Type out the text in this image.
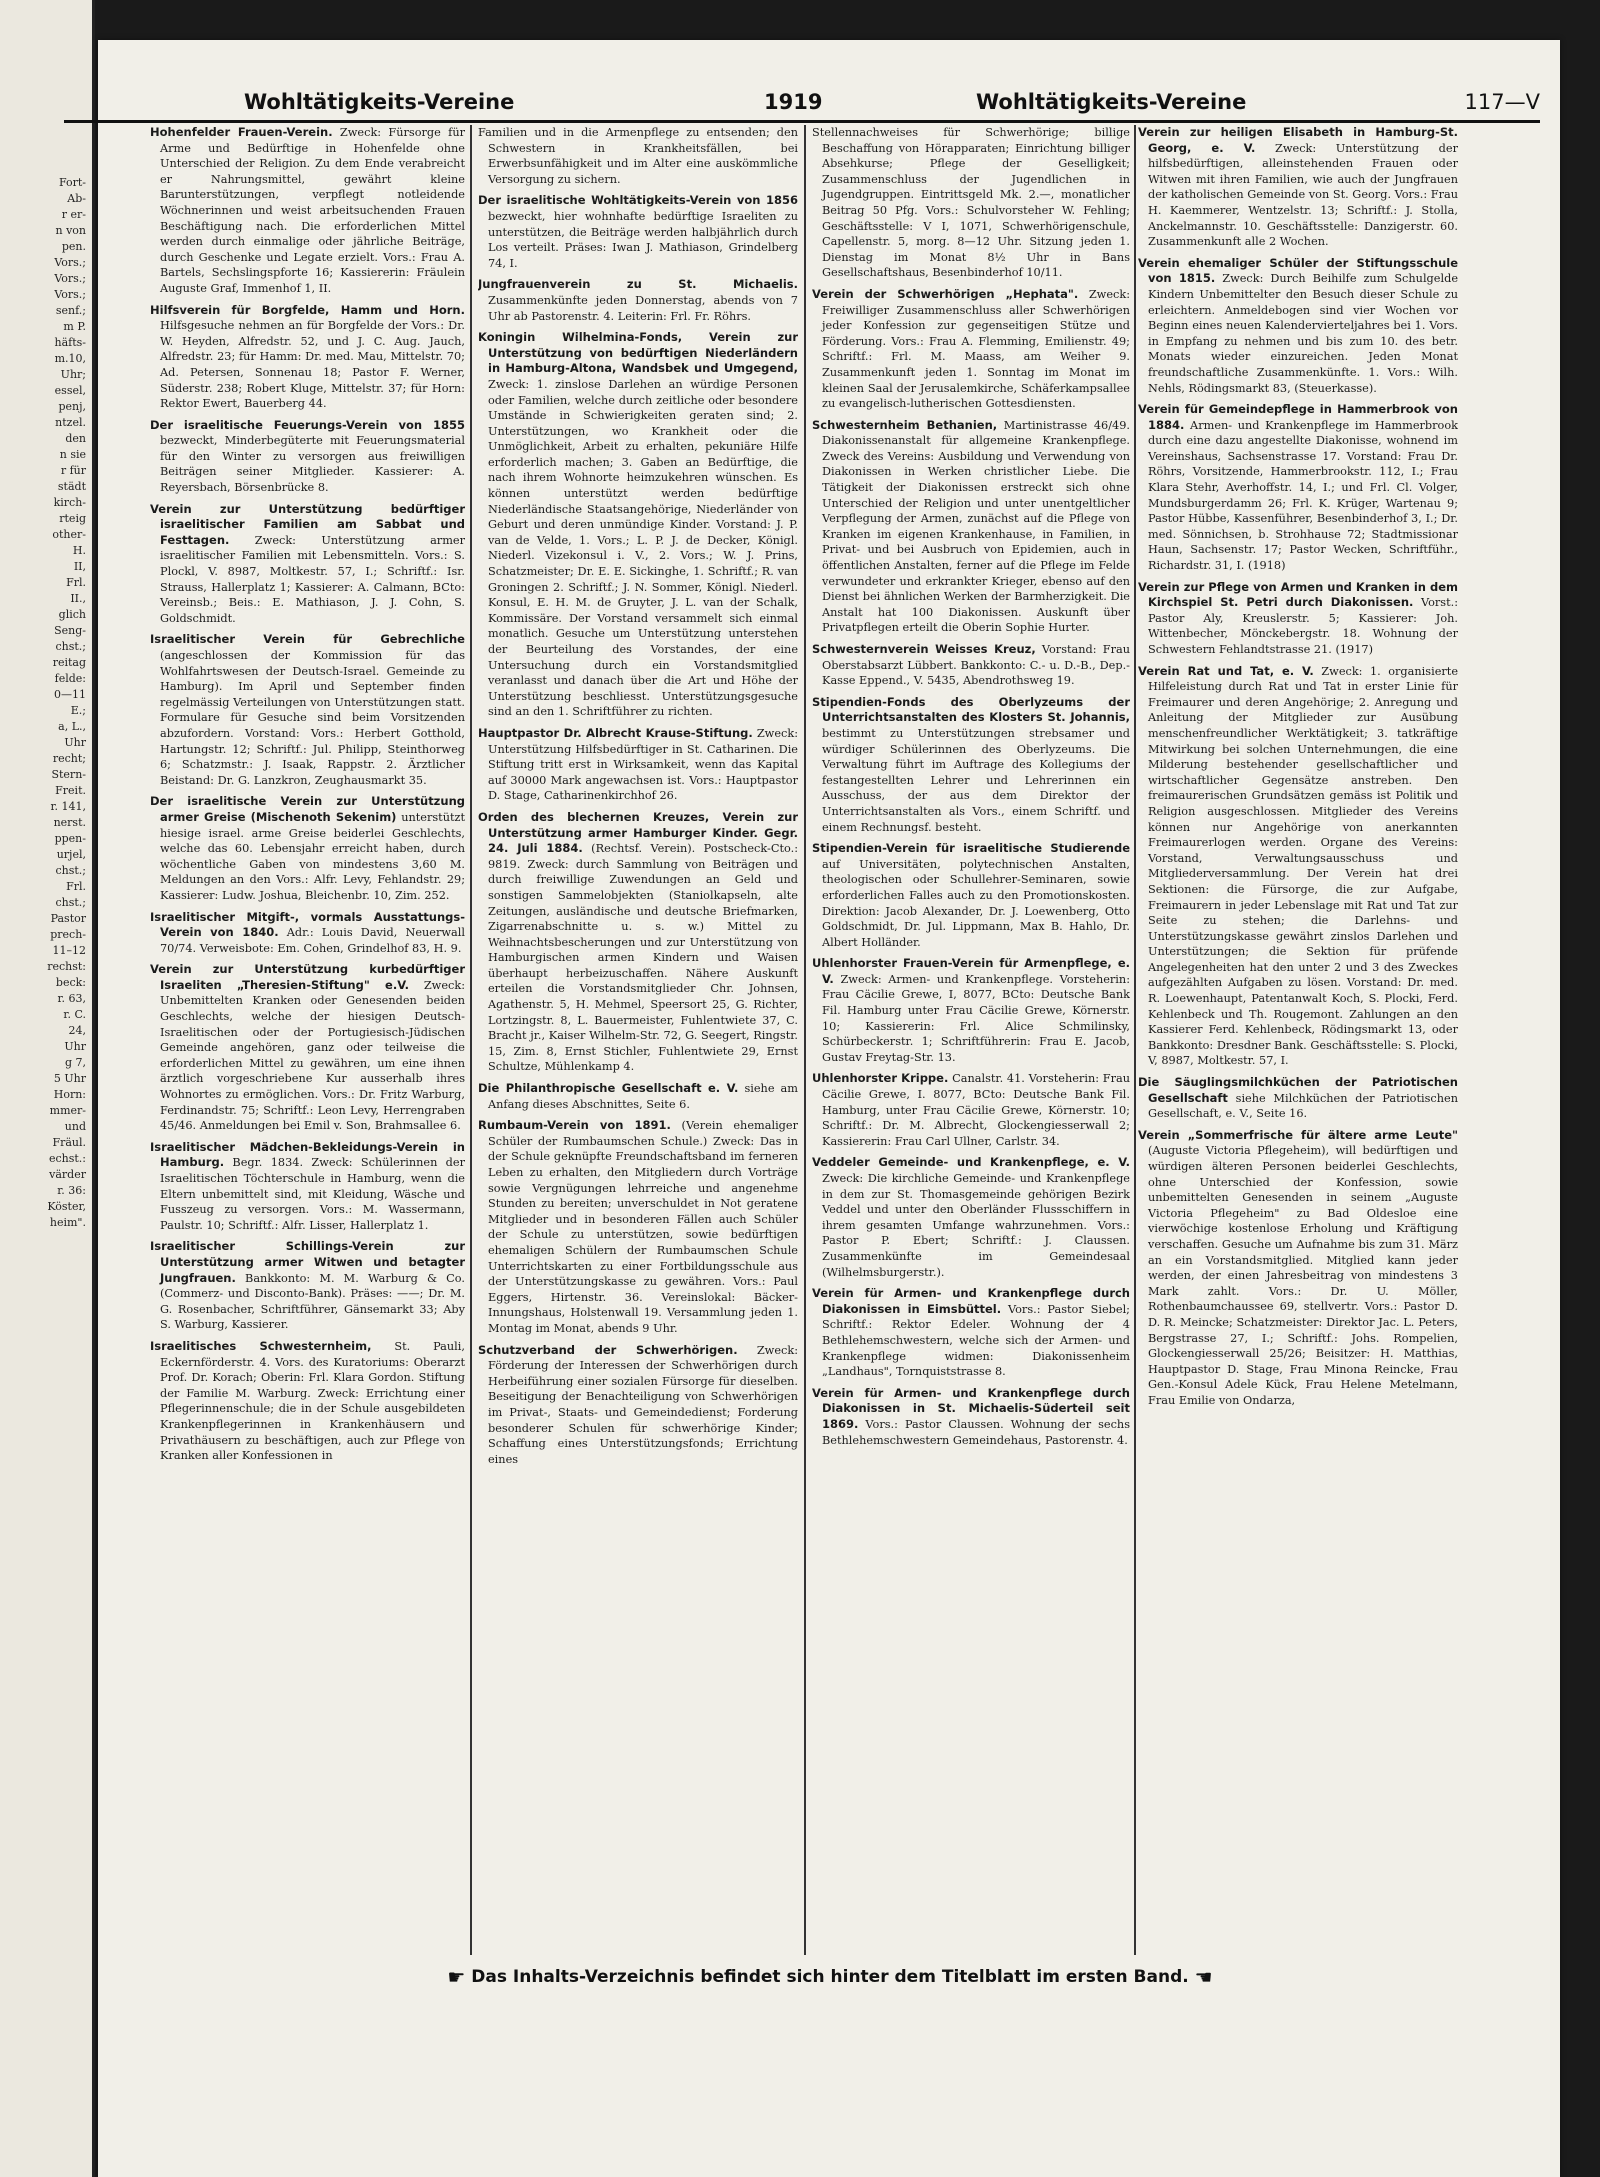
Fort-
Ab-
r er-
n von
pen.
Vors.;
Vors.;
Vors.;
senf.;
m P.
häfts-
m.10,
Uhr;
essel,
penj,
ntzel.
den
n sie
r für
städt
kirch-
rteig
other-
H.
II,
Frl.
II.,
glich
Seng-
chst.;
reitag
felde:
0—11
E.;
a, L.,
Uhr
recht;
Stern-
Freit.
r. 141,
nerst.
ppen-
urjel,
chst.;
Frl.
chst.;
Pastor
prech-
11–12
rechst:
beck:
r. 63,
r. C.
24,
Uhr
g 7,
5 Uhr
Horn:
mmer-
und
Fräul.
echst.:
värder
r. 36:
Köster,
heim".
Wohltätigkeits-Vereine	1919	Wohltätigkeits-Vereine	117—V

Hohenfelder Frauen-Verein. Zweck: Fürsorge für Arme und Bedürftige in Hohenfelde ohne Unterschied der Religion. Zu dem Ende verabreicht er Nahrungsmittel, gewährt kleine Barunterstützungen, verpflegt notleidende Wöchnerinnen und weist arbeitsuchenden Frauen Beschäftigung nach. Die erforderlichen Mittel werden durch einmalige oder jährliche Beiträge, durch Geschenke und Legate erzielt. Vors.: Frau A. Bartels, Sechslingspforte 16; Kassiererin: Fräulein Auguste Graf, Immenhof 1, II.

Hilfsverein für Borgfelde, Hamm und Horn. Hilfsgesuche nehmen an für Borgfelde der Vors.: Dr. W. Heyden, Alfredstr. 52, und J. C. Aug. Jauch, Alfredstr. 23; für Hamm: Dr. med. Mau, Mittelstr. 70; Ad. Petersen, Sonnenau 18; Pastor F. Werner, Süderstr. 238; Robert Kluge, Mittelstr. 37; für Horn: Rektor Ewert, Bauerberg 44.

Der israelitische Feuerungs-Verein von 1855 bezweckt, Minderbegüterte mit Feuerungsmaterial für den Winter zu versorgen aus freiwilligen Beiträgen seiner Mitglieder. Kassierer: A. Reyersbach, Börsenbrücke 8.

Verein zur Unterstützung bedürftiger israelitischer Familien am Sabbat und Festtagen. Zweck: Unterstützung armer israelitischer Familien mit Lebensmitteln. Vors.: S. Plockl, V. 8987, Moltkestr. 57, I.; Schriftf.: Isr. Strauss, Hallerplatz 1; Kassierer: A. Calmann, BCto: Vereinsb.; Beis.: E. Mathiason, J. J. Cohn, S. Goldschmidt.

Israelitischer Verein für Gebrechliche (angeschlossen der Kommission für das Wohlfahrtswesen der Deutsch-Israel. Gemeinde zu Hamburg). Im April und September finden regelmässig Verteilungen von Unterstützungen statt. Formulare für Gesuche sind beim Vorsitzenden abzufordern. Vorstand: Vors.: Herbert Gotthold, Hartungstr. 12; Schriftf.: Jul. Philipp, Steinthorweg 6; Schatzmstr.: J. Isaak, Rappstr. 2. Ärztlicher Beistand: Dr. G. Lanzkron, Zeughausmarkt 35.

Der israelitische Verein zur Unterstützung armer Greise (Mischenoth Sekenim) unterstützt hiesige israel. arme Greise beiderlei Geschlechts, welche das 60. Lebensjahr erreicht haben, durch wöchentliche Gaben von mindestens 3,60 M. Meldungen an den Vors.: Alfr. Levy, Fehlandstr. 29; Kassierer: Ludw. Joshua, Bleichenbr. 10, Zim. 252.

Israelitischer Mitgift-, vormals Ausstattungs-Verein von 1840. Adr.: Louis David, Neuerwall 70/74. Verweisbote: Em. Cohen, Grindelhof 83, H. 9.

Verein zur Unterstützung kurbedürftiger Israeliten „Theresien-Stiftung" e.V. Zweck: Unbemittelten Kranken oder Genesenden beiden Geschlechts, welche der hiesigen Deutsch-Israelitischen oder der Portugiesisch-Jüdischen Gemeinde angehören, ganz oder teilweise die erforderlichen Mittel zu gewähren, um eine ihnen ärztlich vorgeschriebene Kur ausserhalb ihres Wohnortes zu ermöglichen. Vors.: Dr. Fritz Warburg, Ferdinandstr. 75; Schriftf.: Leon Levy, Herrengraben 45/46. Anmeldungen bei Emil v. Son, Brahmsallee 6.

Israelitischer Mädchen-Bekleidungs-Verein in Hamburg. Begr. 1834. Zweck: Schülerinnen der Israelitischen Töchterschule in Hamburg, wenn die Eltern unbemittelt sind, mit Kleidung, Wäsche und Fusszeug zu versorgen. Vors.: M. Wassermann, Paulstr. 10; Schriftf.: Alfr. Lisser, Hallerplatz 1.

Israelitischer Schillings-Verein zur Unterstützung armer Witwen und betagter Jungfrauen. Bankkonto: M. M. Warburg & Co. (Commerz- und Disconto-Bank). Präses: ——; Dr. M. G. Rosenbacher, Schriftführer, Gänsemarkt 33; Aby S. Warburg, Kassierer.

Israelitisches Schwesternheim, St. Pauli, Eckernförderstr. 4. Vors. des Kuratoriums: Oberarzt Prof. Dr. Korach; Oberin: Frl. Klara Gordon. Stiftung der Familie M. Warburg. Zweck: Errichtung einer Pflegerinnenschule; die in der Schule ausgebildeten Krankenpflegerinnen in Krankenhäusern und Privathäusern zu beschäftigen, auch zur Pflege von Kranken aller Konfessionen in

Familien und in die Armenpflege zu entsenden; den Schwestern in Krankheitsfällen, bei Erwerbsunfähigkeit und im Alter eine auskömmliche Versorgung zu sichern.

Der israelitische Wohltätigkeits-Verein von 1856 bezweckt, hier wohnhafte bedürftige Israeliten zu unterstützen, die Beiträge werden halbjährlich durch Los verteilt. Präses: Iwan J. Mathiason, Grindelberg 74, I.

Jungfrauenverein zu St. Michaelis. Zusammenkünfte jeden Donnerstag, abends von 7 Uhr ab Pastorenstr. 4. Leiterin: Frl. Fr. Röhrs.

Koningin Wilhelmina-Fonds, Verein zur Unterstützung von bedürftigen Niederländern in Hamburg-Altona, Wandsbek und Umgegend, Zweck: 1. zinslose Darlehen an würdige Personen oder Familien, welche durch zeitliche oder besondere Umstände in Schwierigkeiten geraten sind; 2. Unterstützungen, wo Krankheit oder die Unmöglichkeit, Arbeit zu erhalten, pekuniäre Hilfe erforderlich machen; 3. Gaben an Bedürftige, die nach ihrem Wohnorte heimzukehren wünschen. Es können unterstützt werden bedürftige Niederländische Staatsangehörige, Niederländer von Geburt und deren unmündige Kinder. Vorstand: J. P. van de Velde, 1. Vors.; L. P. J. de Decker, Königl. Niederl. Vizekonsul i. V., 2. Vors.; W. J. Prins, Schatzmeister; Dr. E. E. Sickinghe, 1. Schriftf.; R. van Groningen 2. Schriftf.; J. N. Sommer, Königl. Niederl. Konsul, E. H. M. de Gruyter, J. L. van der Schalk, Kommissäre. Der Vorstand versammelt sich einmal monatlich. Gesuche um Unterstützung unterstehen der Beurteilung des Vorstandes, der eine Untersuchung durch ein Vorstandsmitglied veranlasst und danach über die Art und Höhe der Unterstützung beschliesst. Unterstützungsgesuche sind an den 1. Schriftführer zu richten.

Hauptpastor Dr. Albrecht Krause-Stiftung. Zweck: Unterstützung Hilfsbedürftiger in St. Catharinen. Die Stiftung tritt erst in Wirksamkeit, wenn das Kapital auf 30000 Mark angewachsen ist. Vors.: Hauptpastor D. Stage, Catharinenkirchhof 26.

Orden des blechernen Kreuzes, Verein zur Unterstützung armer Hamburger Kinder. Gegr. 24. Juli 1884. (Rechtsf. Verein). Postscheck-Cto.: 9819. Zweck: durch Sammlung von Beiträgen und durch freiwillige Zuwendungen an Geld und sonstigen Sammelobjekten (Staniolkapseln, alte Zeitungen, ausländische und deutsche Briefmarken, Zigarrenabschnitte u. s. w.) Mittel zu Weihnachtsbescherungen und zur Unterstützung von Hamburgischen armen Kindern und Waisen überhaupt herbeizuschaffen. Nähere Auskunft erteilen die Vorstandsmitglieder Chr. Johnsen, Agathenstr. 5, H. Mehmel, Speersort 25, G. Richter, Lortzingstr. 8, L. Bauermeister, Fuhlentwiete 37, C. Bracht jr., Kaiser Wilhelm-Str. 72, G. Seegert, Ringstr. 15, Zim. 8, Ernst Stichler, Fuhlentwiete 29, Ernst Schultze, Mühlenkamp 4.

Die Philanthropische Gesellschaft e. V. siehe am Anfang dieses Abschnittes, Seite 6.

Rumbaum-Verein von 1891. (Verein ehemaliger Schüler der Rumbaumschen Schule.) Zweck: Das in der Schule geknüpfte Freundschaftsband im ferneren Leben zu erhalten, den Mitgliedern durch Vorträge sowie Vergnügungen lehrreiche und angenehme Stunden zu bereiten; unverschuldet in Not geratene Mitglieder und in besonderen Fällen auch Schüler der Schule zu unterstützen, sowie bedürftigen ehemaligen Schülern der Rumbaumschen Schule Unterrichtskarten zu einer Fortbildungsschule aus der Unterstützungskasse zu gewähren. Vors.: Paul Eggers, Hirtenstr. 36. Vereinslokal: Bäcker-Innungshaus, Holstenwall 19. Versammlung jeden 1. Montag im Monat, abends 9 Uhr.

Schutzverband der Schwerhörigen. Zweck: Förderung der Interessen der Schwerhörigen durch Herbeiführung einer sozialen Fürsorge für dieselben. Beseitigung der Benachteiligung von Schwerhörigen im Privat-, Staats- und Gemeindedienst; Forderung besonderer Schulen für schwerhörige Kinder; Schaffung eines Unterstützungsfonds; Errichtung eines

Stellennachweises für Schwerhörige; billige Beschaffung von Hörapparaten; Einrichtung billiger Absehkurse; Pflege der Geselligkeit; Zusammenschluss der Jugendlichen in Jugendgruppen. Eintrittsgeld Mk. 2.—, monatlicher Beitrag 50 Pfg. Vors.: Schulvorsteher W. Fehling; Geschäftsstelle: V I, 1071, Schwerhörigenschule, Capellenstr. 5, morg. 8—12 Uhr. Sitzung jeden 1. Dienstag im Monat 8½ Uhr in Bans Gesellschaftshaus, Besenbinderhof 10/11.

Verein der Schwerhörigen „Hephata". Zweck: Freiwilliger Zusammenschluss aller Schwerhörigen jeder Konfession zur gegenseitigen Stütze und Förderung. Vors.: Frau A. Flemming, Emilienstr. 49; Schriftf.: Frl. M. Maass, am Weiher 9. Zusammenkunft jeden 1. Sonntag im Monat im kleinen Saal der Jerusalemkirche, Schäferkampsallee zu evangelisch-lutherischen Gottesdiensten.

Schwesternheim Bethanien, Martinistrasse 46/49. Diakonissenanstalt für allgemeine Krankenpflege. Zweck des Vereins: Ausbildung und Verwendung von Diakonissen in Werken christlicher Liebe. Die Tätigkeit der Diakonissen erstreckt sich ohne Unterschied der Religion und unter unentgeltlicher Verpflegung der Armen, zunächst auf die Pflege von Kranken im eigenen Krankenhause, in Familien, in Privat- und bei Ausbruch von Epidemien, auch in öffentlichen Anstalten, ferner auf die Pflege im Felde verwundeter und erkrankter Krieger, ebenso auf den Dienst bei ähnlichen Werken der Barmherzigkeit. Die Anstalt hat 100 Diakonissen. Auskunft über Privatpflegen erteilt die Oberin Sophie Hurter.

Schwesternverein Weisses Kreuz, Vorstand: Frau Oberstabsarzt Lübbert. Bankkonto: C.- u. D.-B., Dep.-Kasse Eppend., V. 5435, Abendrothsweg 19.

Stipendien-Fonds des Oberlyzeums der Unterrichtsanstalten des Klosters St. Johannis, bestimmt zu Unterstützungen strebsamer und würdiger Schülerinnen des Oberlyzeums. Die Verwaltung führt im Auftrage des Kollegiums der festangestellten Lehrer und Lehrerinnen ein Ausschuss, der aus dem Direktor der Unterrichtsanstalten als Vors., einem Schriftf. und einem Rechnungsf. besteht.

Stipendien-Verein für israelitische Studierende auf Universitäten, polytechnischen Anstalten, theologischen oder Schullehrer-Seminaren, sowie erforderlichen Falles auch zu den Promotionskosten. Direktion: Jacob Alexander, Dr. J. Loewenberg, Otto Goldschmidt, Dr. Jul. Lippmann, Max B. Hahlo, Dr. Albert Holländer.

Uhlenhorster Frauen-Verein für Armenpflege, e. V. Zweck: Armen- und Krankenpflege. Vorsteherin: Frau Cäcilie Grewe, I, 8077, BCto: Deutsche Bank Fil. Hamburg unter Frau Cäcilie Grewe, Körnerstr. 10; Kassiererin: Frl. Alice Schmilinsky, Schürbeckerstr. 1; Schriftführerin: Frau E. Jacob, Gustav Freytag-Str. 13.

Uhlenhorster Krippe. Canalstr. 41. Vorsteherin: Frau Cäcilie Grewe, I. 8077, BCto: Deutsche Bank Fil. Hamburg, unter Frau Cäcilie Grewe, Körnerstr. 10; Schriftf.: Dr. M. Albrecht, Glockengiesserwall 2; Kassiererin: Frau Carl Ullner, Carlstr. 34.

Veddeler Gemeinde- und Krankenpflege, e. V. Zweck: Die kirchliche Gemeinde- und Krankenpflege in dem zur St. Thomasgemeinde gehörigen Bezirk Veddel und unter den Oberländer Flussschiffern in ihrem gesamten Umfange wahrzunehmen. Vors.: Pastor P. Ebert; Schriftf.: J. Claussen. Zusammenkünfte im Gemeindesaal (Wilhelmsburgerstr.).

Verein für Armen- und Krankenpflege durch Diakonissen in Eimsbüttel. Vors.: Pastor Siebel; Schriftf.: Rektor Edeler. Wohnung der 4 Bethlehemschwestern, welche sich der Armen- und Krankenpflege widmen: Diakonissenheim „Landhaus", Tornquiststrasse 8.

Verein für Armen- und Krankenpflege durch Diakonissen in St. Michaelis-Süderteil seit 1869. Vors.: Pastor Claussen. Wohnung der sechs Bethlehemschwestern Gemeindehaus, Pastorenstr. 4.

Verein zur heiligen Elisabeth in Hamburg-St. Georg, e. V. Zweck: Unterstützung der hilfsbedürftigen, alleinstehenden Frauen oder Witwen mit ihren Familien, wie auch der Jungfrauen der katholischen Gemeinde von St. Georg. Vors.: Frau H. Kaemmerer, Wentzelstr. 13; Schriftf.: J. Stolla, Anckelmannstr. 10. Geschäftsstelle: Danzigerstr. 60. Zusammenkunft alle 2 Wochen.

Verein ehemaliger Schüler der Stiftungsschule von 1815. Zweck: Durch Beihilfe zum Schulgelde Kindern Unbemittelter den Besuch dieser Schule zu erleichtern. Anmeldebogen sind vier Wochen vor Beginn eines neuen Kalendervierteljahres bei 1. Vors. in Empfang zu nehmen und bis zum 10. des betr. Monats wieder einzureichen. Jeden Monat freundschaftliche Zusammenkünfte. 1. Vors.: Wilh. Nehls, Rödingsmarkt 83, (Steuerkasse).

Verein für Gemeindepflege in Hammerbrook von 1884. Armen- und Krankenpflege im Hammerbrook durch eine dazu angestellte Diakonisse, wohnend im Vereinshaus, Sachsenstrasse 17. Vorstand: Frau Dr. Röhrs, Vorsitzende, Hammerbrookstr. 112, I.; Frau Klara Stehr, Averhoffstr. 14, I.; und Frl. Cl. Volger, Mundsburgerdamm 26; Frl. K. Krüger, Wartenau 9; Pastor Hübbe, Kassenführer, Besenbinderhof 3, I.; Dr. med. Sönnichsen, b. Strohhause 72; Stadtmissionar Haun, Sachsenstr. 17; Pastor Wecken, Schriftführ., Richardstr. 31, I. (1918)

Verein zur Pflege von Armen und Kranken in dem Kirchspiel St. Petri durch Diakonissen. Vorst.: Pastor Aly, Kreuslerstr. 5; Kassierer: Joh. Wittenbecher, Mönckebergstr. 18. Wohnung der Schwestern Fehlandtstrasse 21. (1917)

Verein Rat und Tat, e. V. Zweck: 1. organisierte Hilfeleistung durch Rat und Tat in erster Linie für Freimaurer und deren Angehörige; 2. Anregung und Anleitung der Mitglieder zur Ausübung menschenfreundlicher Werktätigkeit; 3. tatkräftige Mitwirkung bei solchen Unternehmungen, die eine Milderung bestehender gesellschaftlicher und wirtschaftlicher Gegensätze anstreben. Den freimaurerischen Grundsätzen gemäss ist Politik und Religion ausgeschlossen. Mitglieder des Vereins können nur Angehörige von anerkannten Freimaurerlogen werden. Organe des Vereins: Vorstand, Verwaltungsausschuss und Mitgliederversammlung. Der Verein hat drei Sektionen: die Fürsorge, die zur Aufgabe, Freimaurern in jeder Lebenslage mit Rat und Tat zur Seite zu stehen; die Darlehns- und Unterstützungskasse gewährt zinslos Darlehen und Unterstützungen; die Sektion für prüfende Angelegenheiten hat den unter 2 und 3 des Zweckes aufgezählten Aufgaben zu lösen. Vorstand: Dr. med. R. Loewenhaupt, Patentanwalt Koch, S. Plocki, Ferd. Kehlenbeck und Th. Rougemont. Zahlungen an den Kassierer Ferd. Kehlenbeck, Rödingsmarkt 13, oder Bankkonto: Dresdner Bank. Geschäftsstelle: S. Plocki, V, 8987, Moltkestr. 57, I.

Die Säuglingsmilchküchen der Patriotischen Gesellschaft siehe Milchküchen der Patriotischen Gesellschaft, e. V., Seite 16.

Verein „Sommerfrische für ältere arme Leute" (Auguste Victoria Pflegeheim), will bedürftigen und würdigen älteren Personen beiderlei Geschlechts, ohne Unterschied der Konfession, sowie unbemittelten Genesenden in seinem „Auguste Victoria Pflegeheim" zu Bad Oldesloe eine vierwöchige kostenlose Erholung und Kräftigung verschaffen. Gesuche um Aufnahme bis zum 31. März an ein Vorstandsmitglied. Mitglied kann jeder werden, der einen Jahresbeitrag von mindestens 3 Mark zahlt. Vors.: Dr. U. Möller, Rothenbaumchaussee 69, stellvertr. Vors.: Pastor D. D. R. Meincke; Schatzmeister: Direktor Jac. L. Peters, Bergstrasse 27, I.; Schriftf.: Johs. Rompelien, Glockengiesserwall 25/26; Beisitzer: H. Matthias, Hauptpastor D. Stage, Frau Minona Reincke, Frau Gen.-Konsul Adele Kück, Frau Helene Metelmann, Frau Emilie von Ondarza,

☛ Das Inhalts-Verzeichnis befindet sich hinter dem Titelblatt im ersten Band. ☚
